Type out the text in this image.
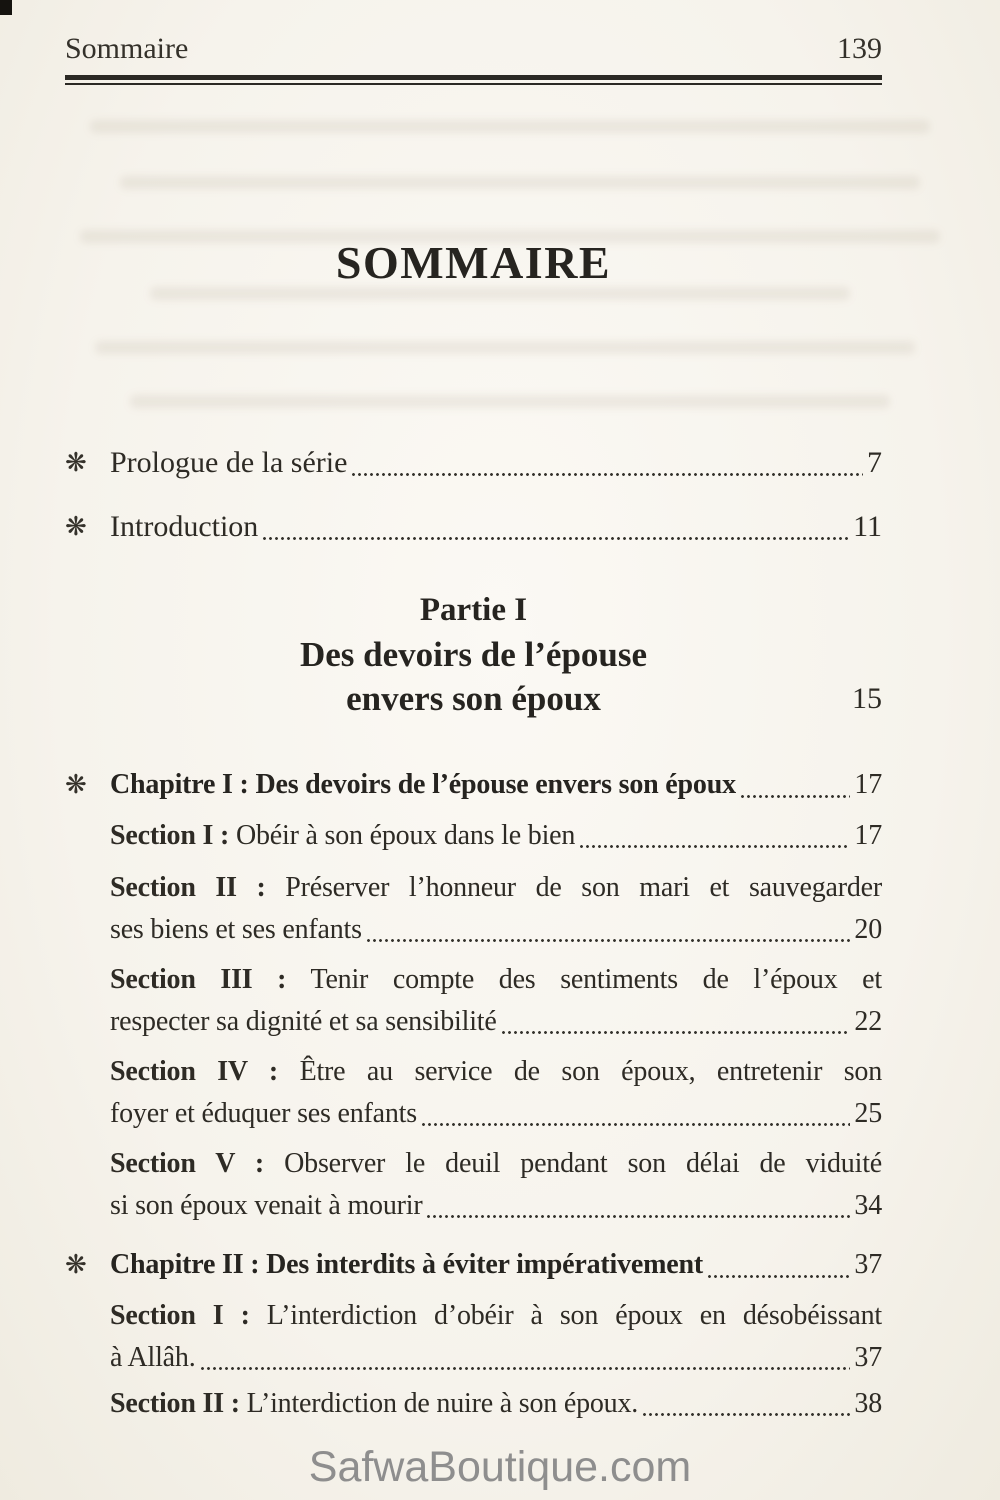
Sommaire	139
SOMMAIRE
❋ Prologue de la série	7
❋ Introduction	11
Partie I
Des devoirs de l’épouse
envers son époux	15
❋ Chapitre I : Des devoirs de l’épouse envers son époux	17
Section I : Obéir à son époux dans le bien	17
Section II : Préserver l’honneur de son mari et sauvegarder
ses biens et ses enfants	20
Section III : Tenir compte des sentiments de l’époux et
respecter sa dignité et sa sensibilité	22
Section IV : Être au service de son époux, entretenir son
foyer et éduquer ses enfants	25
Section V : Observer le deuil pendant son délai de viduité
si son époux venait à mourir	34
❋ Chapitre II : Des interdits à éviter impérativement	37
Section I : L’interdiction d’obéir à son époux en désobéissant
à Allâh.	37
Section II : L’interdiction de nuire à son époux.	38
SafwaBoutique.com
